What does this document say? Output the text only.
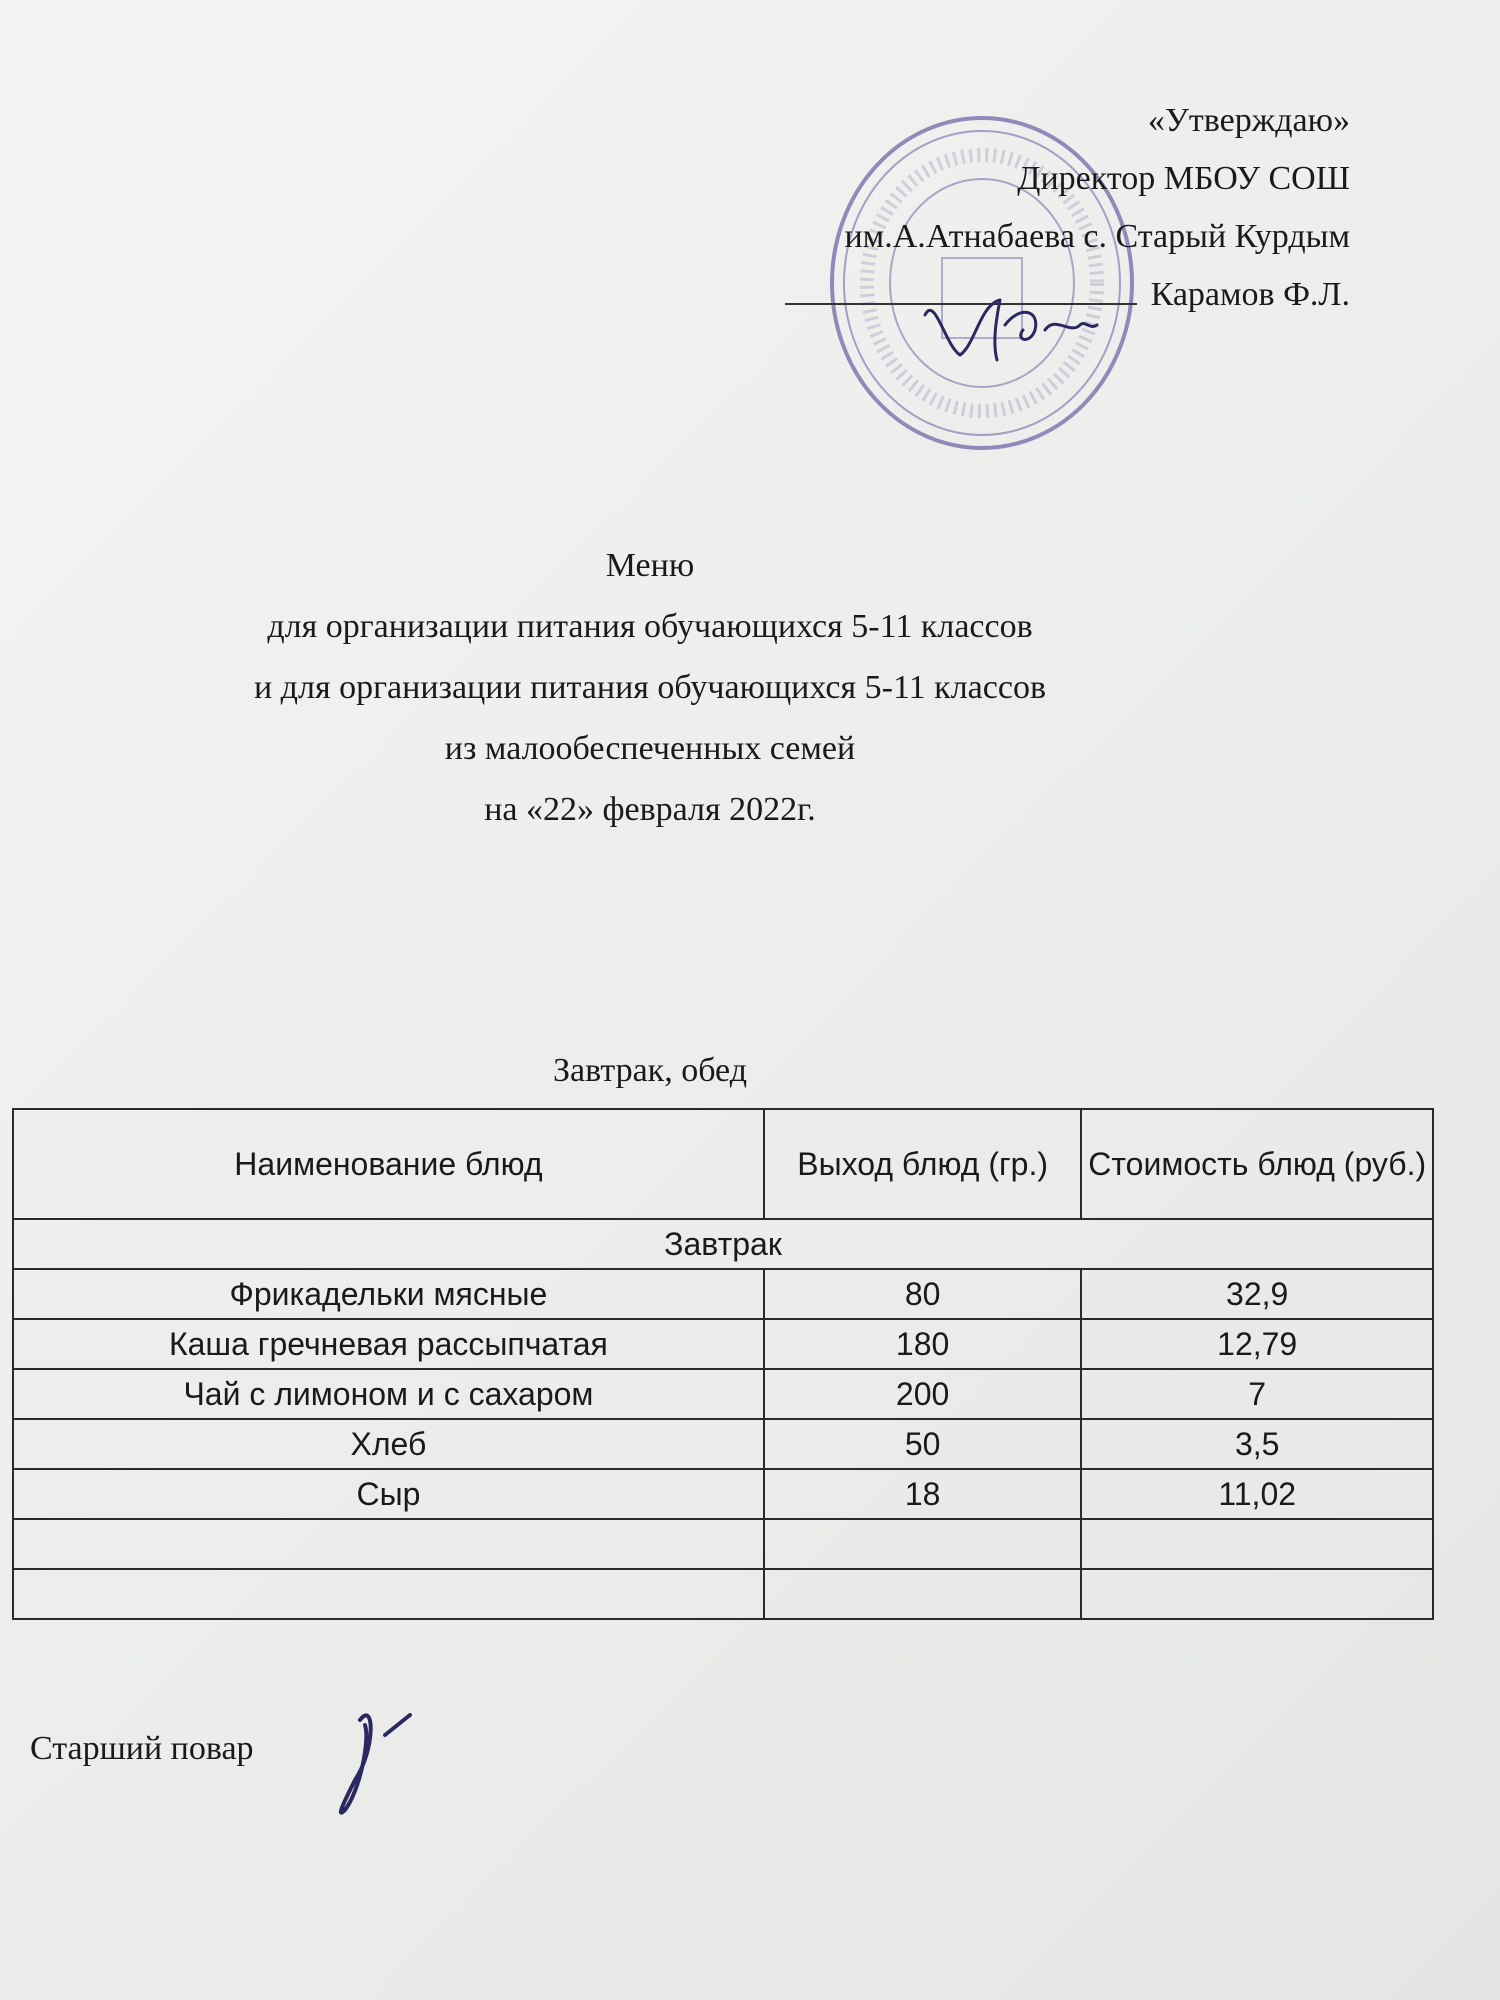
«Утверждаю»
Директор МБОУ СОШ
им.А.Атнабаева с. Старый Курдым
Карамов Ф.Л.
Меню
для организации питания обучающихся 5-11 классов
и для организации питания обучающихся 5-11 классов
из малообеспеченных семей
на «22» февраля 2022г.
Завтрак, обед
Наименование блюд	Выход блюд (гр.)	Стоимость блюд (руб.)
Завтрак		
Фрикадельки мясные	80	32,9
Каша гречневая рассыпчатая	180	12,79
Чай с лимоном и с сахаром	200	7
Хлеб	50	3,5
Сыр	18	11,02

Старший повар
